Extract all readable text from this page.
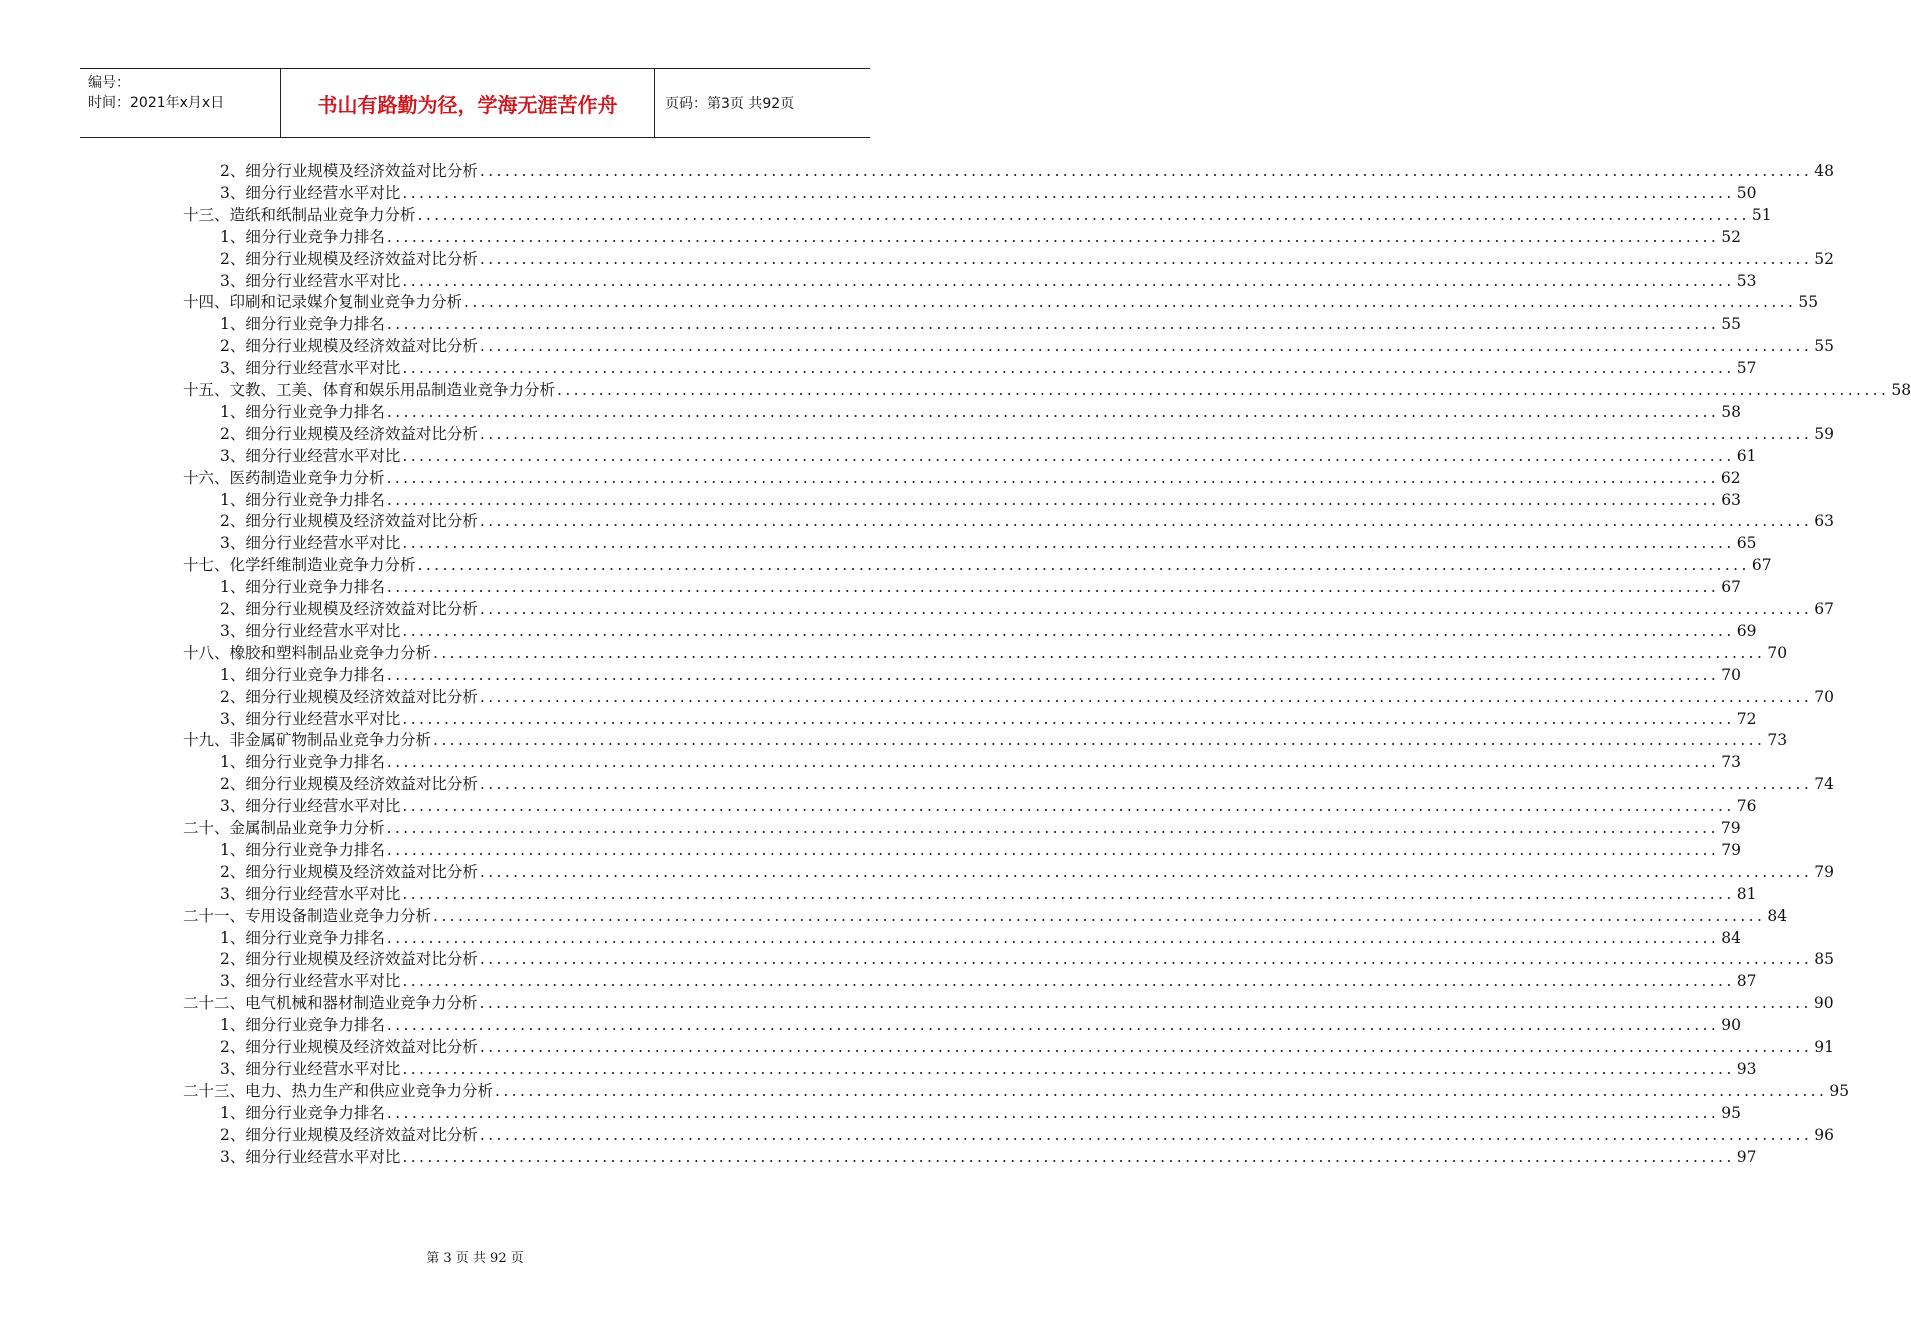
编号：
时间：2021年x月x日	书山有路勤为径，学海无涯苦作舟	页码：第3页 共92页
2、细分行业规模及经济效益对比分析 ................................................................................................................................................................ 48
3、细分行业经营水平对比 ................................................................................................................................................................ 50
十三、造纸和纸制品业竞争力分析 ................................................................................................................................................................ 51
1、细分行业竞争力排名 ................................................................................................................................................................ 52
2、细分行业规模及经济效益对比分析 ................................................................................................................................................................ 52
3、细分行业经营水平对比 ................................................................................................................................................................ 53
十四、印刷和记录媒介复制业竞争力分析 ................................................................................................................................................................ 55
1、细分行业竞争力排名 ................................................................................................................................................................ 55
2、细分行业规模及经济效益对比分析 ................................................................................................................................................................ 55
3、细分行业经营水平对比 ................................................................................................................................................................ 57
十五、文教、工美、体育和娱乐用品制造业竞争力分析 ................................................................................................................................................................ 58
1、细分行业竞争力排名 ................................................................................................................................................................ 58
2、细分行业规模及经济效益对比分析 ................................................................................................................................................................ 59
3、细分行业经营水平对比 ................................................................................................................................................................ 61
十六、医药制造业竞争力分析 ................................................................................................................................................................ 62
1、细分行业竞争力排名 ................................................................................................................................................................ 63
2、细分行业规模及经济效益对比分析 ................................................................................................................................................................ 63
3、细分行业经营水平对比 ................................................................................................................................................................ 65
十七、化学纤维制造业竞争力分析 ................................................................................................................................................................ 67
1、细分行业竞争力排名 ................................................................................................................................................................ 67
2、细分行业规模及经济效益对比分析 ................................................................................................................................................................ 67
3、细分行业经营水平对比 ................................................................................................................................................................ 69
十八、橡胶和塑料制品业竞争力分析 ................................................................................................................................................................ 70
1、细分行业竞争力排名 ................................................................................................................................................................ 70
2、细分行业规模及经济效益对比分析 ................................................................................................................................................................ 70
3、细分行业经营水平对比 ................................................................................................................................................................ 72
十九、非金属矿物制品业竞争力分析 ................................................................................................................................................................ 73
1、细分行业竞争力排名 ................................................................................................................................................................ 73
2、细分行业规模及经济效益对比分析 ................................................................................................................................................................ 74
3、细分行业经营水平对比 ................................................................................................................................................................ 76
二十、金属制品业竞争力分析 ................................................................................................................................................................ 79
1、细分行业竞争力排名 ................................................................................................................................................................ 79
2、细分行业规模及经济效益对比分析 ................................................................................................................................................................ 79
3、细分行业经营水平对比 ................................................................................................................................................................ 81
二十一、专用设备制造业竞争力分析 ................................................................................................................................................................ 84
1、细分行业竞争力排名 ................................................................................................................................................................ 84
2、细分行业规模及经济效益对比分析 ................................................................................................................................................................ 85
3、细分行业经营水平对比 ................................................................................................................................................................ 87
二十二、电气机械和器材制造业竞争力分析 ................................................................................................................................................................ 90
1、细分行业竞争力排名 ................................................................................................................................................................ 90
2、细分行业规模及经济效益对比分析 ................................................................................................................................................................ 91
3、细分行业经营水平对比 ................................................................................................................................................................ 93
二十三、电力、热力生产和供应业竞争力分析 ................................................................................................................................................................ 95
1、细分行业竞争力排名 ................................................................................................................................................................ 95
2、细分行业规模及经济效益对比分析 ................................................................................................................................................................ 96
3、细分行业经营水平对比 ................................................................................................................................................................ 97
第 3 页 共 92 页
